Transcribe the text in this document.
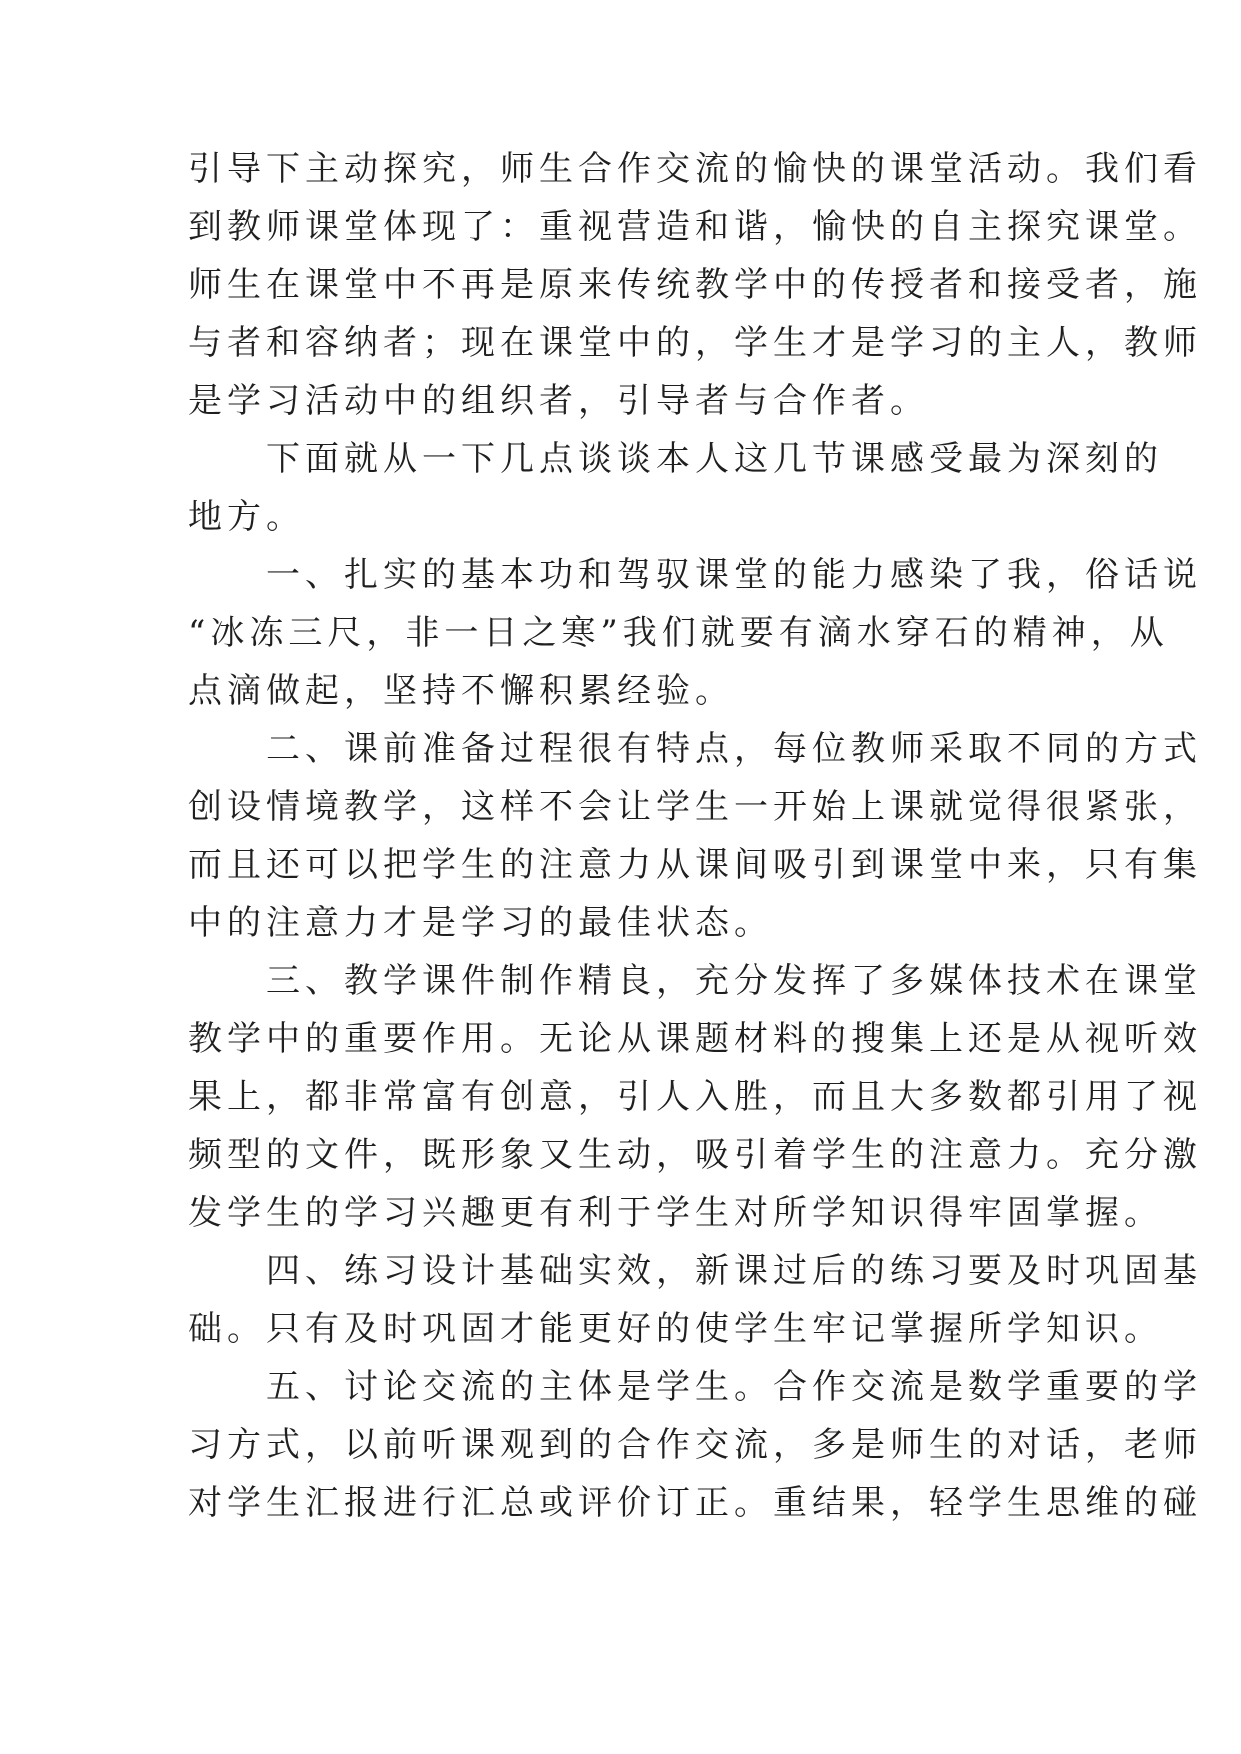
引导下主动探究，师生合作交流的愉快的课堂活动。我们看
到教师课堂体现了：重视营造和谐，愉快的自主探究课堂。
师生在课堂中不再是原来传统教学中的传授者和接受者，施
与者和容纳者；现在课堂中的，学生才是学习的主人，教师
是学习活动中的组织者，引导者与合作者。
　　下面就从一下几点谈谈本人这几节课感受最为深刻的
地方。
　　一、扎实的基本功和驾驭课堂的能力感染了我，俗话说
“冰冻三尺，非一日之寒”我们就要有滴水穿石的精神，从
点滴做起，坚持不懈积累经验。
　　二、课前准备过程很有特点，每位教师采取不同的方式
创设情境教学，这样不会让学生一开始上课就觉得很紧张，
而且还可以把学生的注意力从课间吸引到课堂中来，只有集
中的注意力才是学习的最佳状态。
　　三、教学课件制作精良，充分发挥了多媒体技术在课堂
教学中的重要作用。无论从课题材料的搜集上还是从视听效
果上，都非常富有创意，引人入胜，而且大多数都引用了视
频型的文件，既形象又生动，吸引着学生的注意力。充分激
发学生的学习兴趣更有利于学生对所学知识得牢固掌握。
　　四、练习设计基础实效，新课过后的练习要及时巩固基
础。只有及时巩固才能更好的使学生牢记掌握所学知识。
　　五、讨论交流的主体是学生。合作交流是数学重要的学
习方式，以前听课观到的合作交流，多是师生的对话，老师
对学生汇报进行汇总或评价订正。重结果，轻学生思维的碰
